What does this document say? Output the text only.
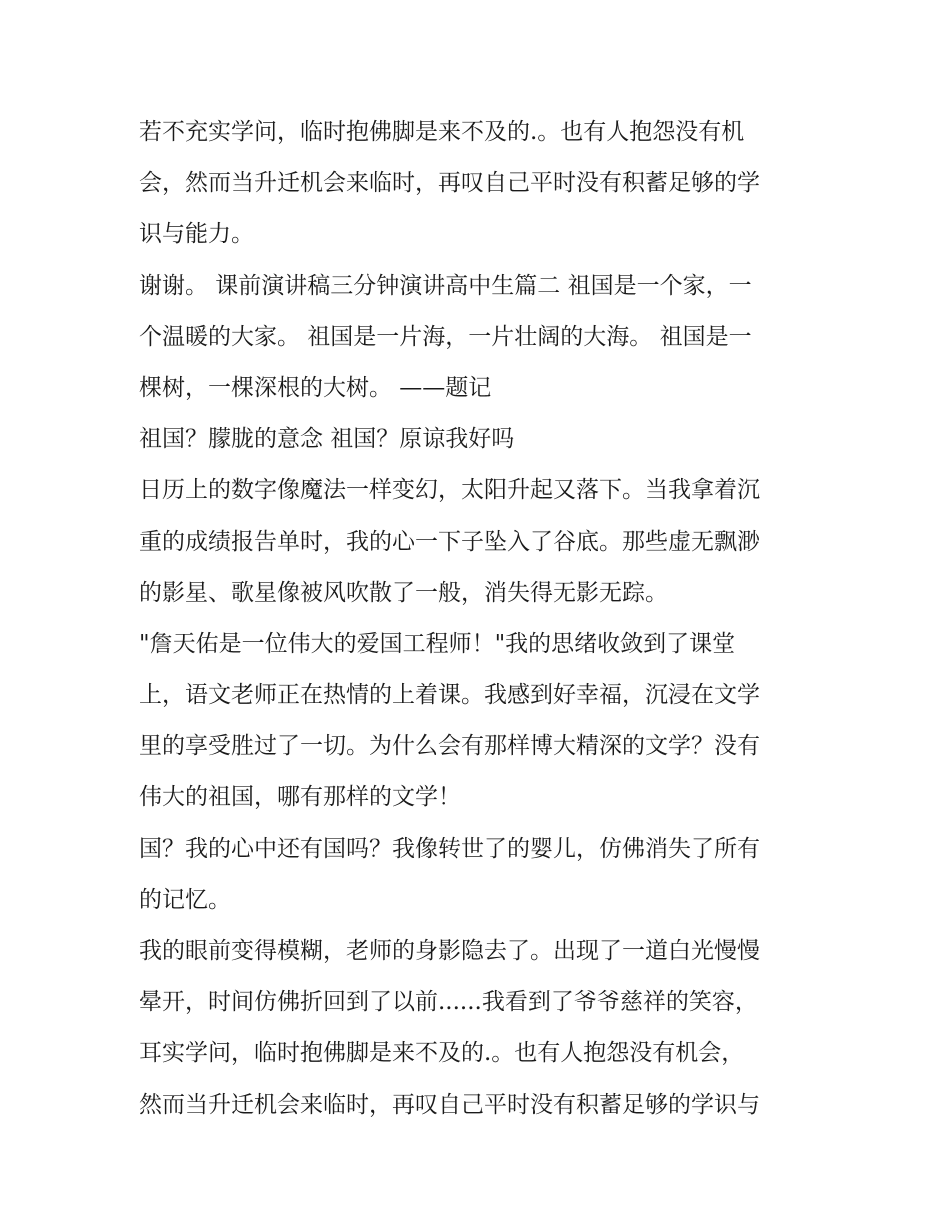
若不充实学问，临时抱佛脚是来不及的.。也有人抱怨没有机
会，然而当升迁机会来临时，再叹自己平时没有积蓄足够的学
识与能力。
谢谢。 课前演讲稿三分钟演讲高中生篇二 祖国是一个家，一
个温暖的大家。 祖国是一片海，一片壮阔的大海。 祖国是一
棵树，一棵深根的大树。 ——题记
祖国？朦胧的意念 祖国？原谅我好吗
日历上的数字像魔法一样变幻，太阳升起又落下。当我拿着沉
重的成绩报告单时，我的心一下子坠入了谷底。那些虚无飘渺
的影星、歌星像被风吹散了一般，消失得无影无踪。
"詹天佑是一位伟大的爱国工程师！"我的思绪收敛到了课堂
上，语文老师正在热情的上着课。我感到好幸福，沉浸在文学
里的享受胜过了一切。为什么会有那样博大精深的文学？没有
伟大的祖国，哪有那样的文学！
国？我的心中还有国吗？我像转世了的婴儿，仿佛消失了所有
的记忆。
我的眼前变得模糊，老师的身影隐去了。出现了一道白光慢慢
晕开，时间仿佛折回到了以前......我看到了爷爷慈祥的笑容，
耳实学问，临时抱佛脚是来不及的.。也有人抱怨没有机会，
然而当升迁机会来临时，再叹自己平时没有积蓄足够的学识与
